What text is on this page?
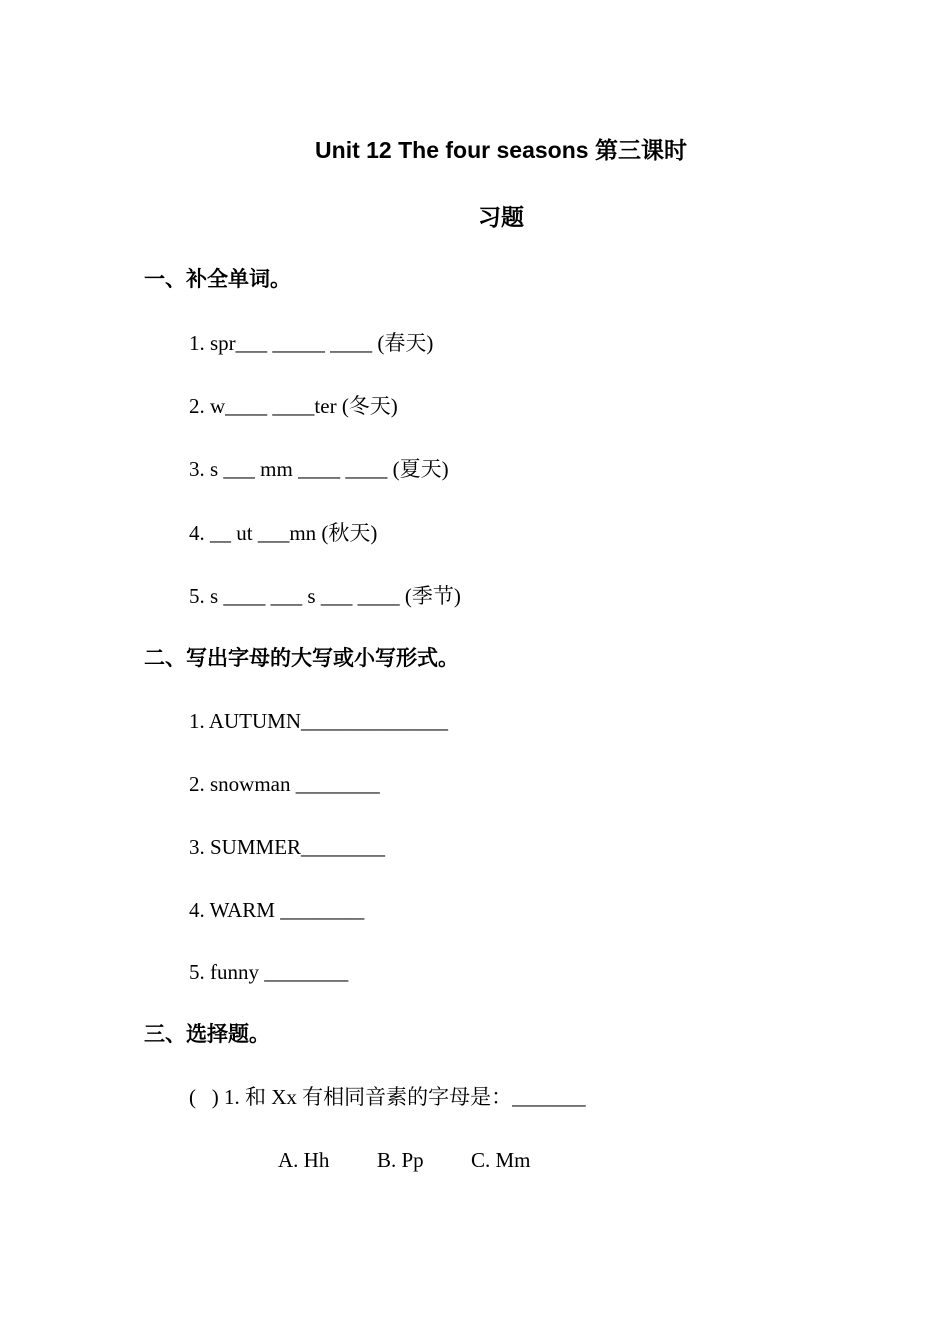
Unit 12 The four seasons 第三课时
习题
一、补全单词。
1. spr___ _____ ____ (春天)
2. w____ ____ter (冬天)
3. s ___ mm ____ ____ (夏天)
4. __ ut ___mn (秋天)
5. s ____ ___ s ___ ____ (季节)
二、写出字母的大写或小写形式。
1. AUTUMN______________
2. snowman ________
3. SUMMER________
4. WARM ________
5. funny ________
三、选择题。
(   ) 1. 和 Xx 有相同音素的字母是：_______
A. Hh B. Pp C. Mm
